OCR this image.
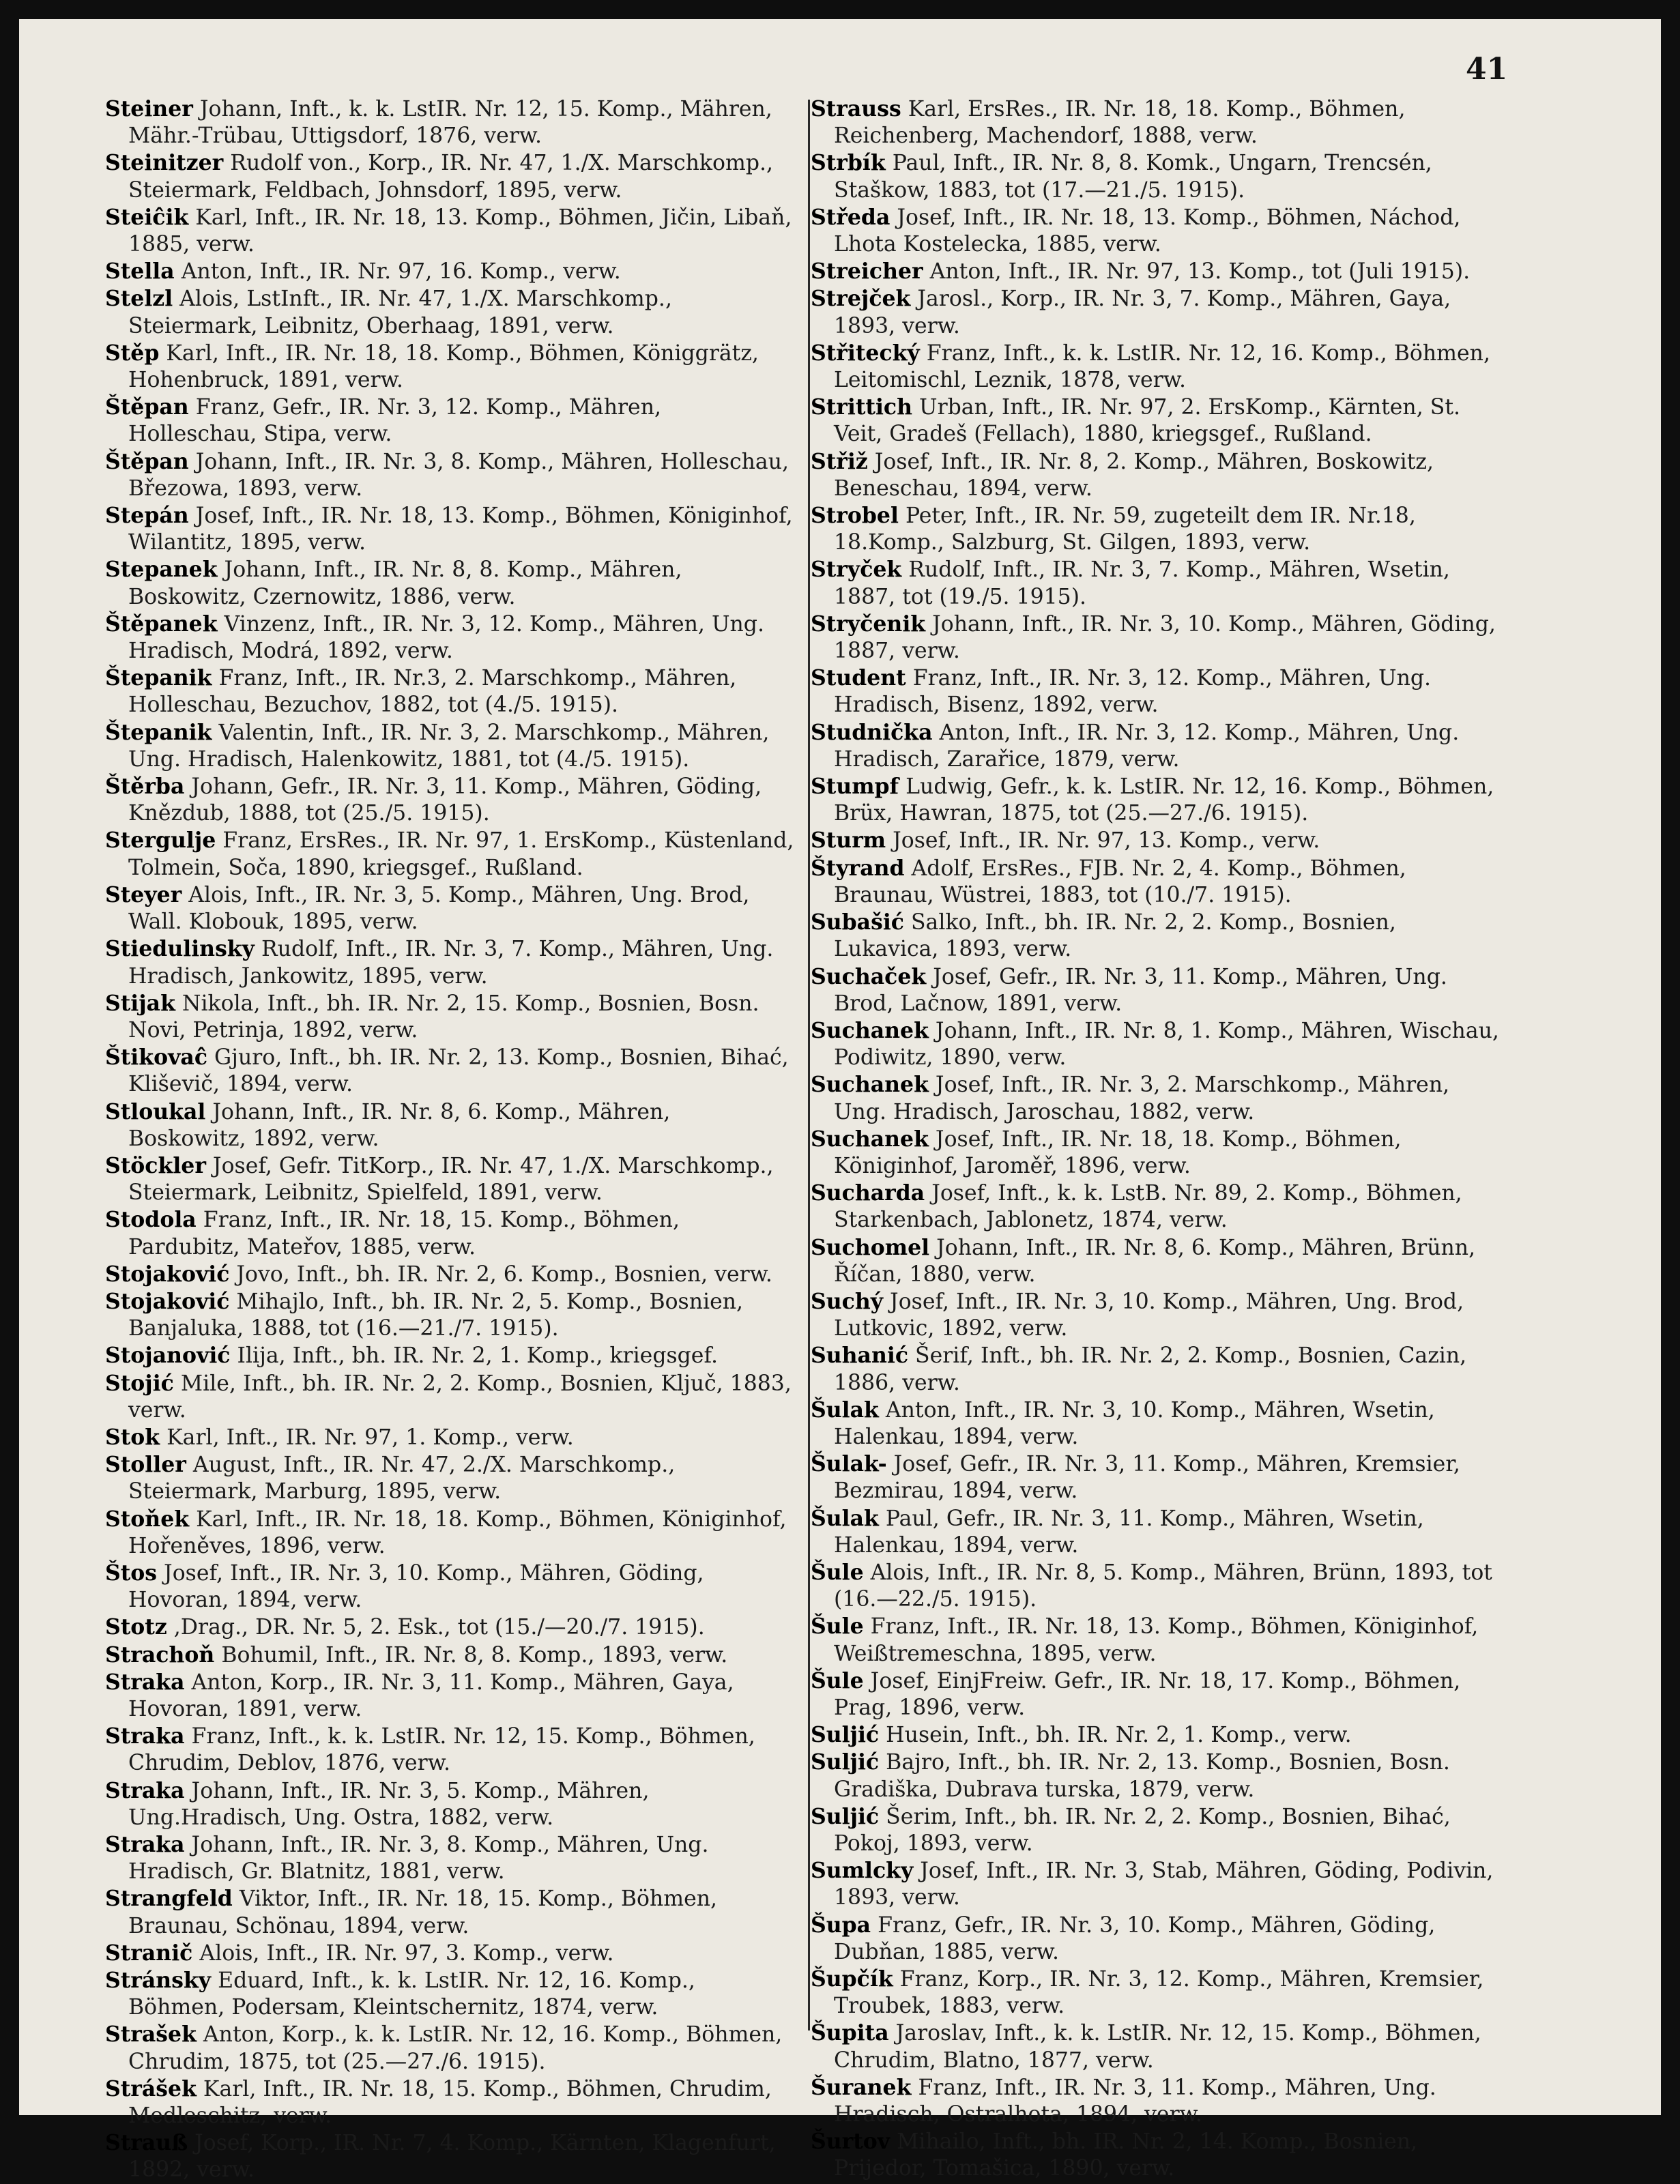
41

Steiner Johann, Inft., k. k. LstIR. Nr. 12, 15. Komp., Mähren, Mähr.-Trübau, Uttigsdorf, 1876, verw.

Steinitzer Rudolf von., Korp., IR. Nr. 47, 1./X. Marschkomp., Steiermark, Feldbach, Johnsdorf, 1895, verw.

Steiĉik Karl, Inft., IR. Nr. 18, 13. Komp., Böhmen, Jičin, Libaň, 1885, verw.

Stella Anton, Inft., IR. Nr. 97, 16. Komp., verw.

Stelzl Alois, LstInft., IR. Nr. 47, 1./X. Marschkomp., Steiermark, Leibnitz, Oberhaag, 1891, verw.

Stěp Karl, Inft., IR. Nr. 18, 18. Komp., Böhmen, Königgrätz, Hohenbruck, 1891, verw.

Štěpan Franz, Gefr., IR. Nr. 3, 12. Komp., Mähren, Holleschau, Stipa, verw.

Štěpan Johann, Inft., IR. Nr. 3, 8. Komp., Mähren, Holleschau, Březowa, 1893, verw.

Stepán Josef, Inft., IR. Nr. 18, 13. Komp., Böhmen, Königinhof, Wilantitz, 1895, verw.

Stepanek Johann, Inft., IR. Nr. 8, 8. Komp., Mähren, Boskowitz, Czernowitz, 1886, verw.

Štěpanek Vinzenz, Inft., IR. Nr. 3, 12. Komp., Mähren, Ung. Hradisch, Modrá, 1892, verw.

Štepanik Franz, Inft., IR. Nr.3, 2. Marschkomp., Mähren, Holleschau, Bezuchov, 1882, tot (4./5. 1915).

Štepanik Valentin, Inft., IR. Nr. 3, 2. Marschkomp., Mähren, Ung. Hradisch, Halenkowitz, 1881, tot (4./5. 1915).

Štěrba Johann, Gefr., IR. Nr. 3, 11. Komp., Mähren, Göding, Knězdub, 1888, tot (25./5. 1915).

Stergulje Franz, ErsRes., IR. Nr. 97, 1. ErsKomp., Küstenland, Tolmein, Soča, 1890, kriegsgef., Rußland.

Steyer Alois, Inft., IR. Nr. 3, 5. Komp., Mähren, Ung. Brod, Wall. Klobouk, 1895, verw.

Stiedulinsky Rudolf, Inft., IR. Nr. 3, 7. Komp., Mähren, Ung. Hradisch, Jankowitz, 1895, verw.

Stijak Nikola, Inft., bh. IR. Nr. 2, 15. Komp., Bosnien, Bosn. Novi, Petrinja, 1892, verw.

Štikovaĉ Gjuro, Inft., bh. IR. Nr. 2, 13. Komp., Bosnien, Bihać, Kliševič, 1894, verw.

Stloukal Johann, Inft., IR. Nr. 8, 6. Komp., Mähren, Boskowitz, 1892, verw.

Stöckler Josef, Gefr. TitKorp., IR. Nr. 47, 1./X. Marschkomp., Steiermark, Leibnitz, Spielfeld, 1891, verw.

Stodola Franz, Inft., IR. Nr. 18, 15. Komp., Böhmen, Pardubitz, Mateřov, 1885, verw.

Stojaković Jovo, Inft., bh. IR. Nr. 2, 6. Komp., Bosnien, verw.

Stojaković Mihajlo, Inft., bh. IR. Nr. 2, 5. Komp., Bosnien, Banjaluka, 1888, tot (16.—21./7. 1915).

Stojanović Ilija, Inft., bh. IR. Nr. 2, 1. Komp., kriegsgef.

Stojić Mile, Inft., bh. IR. Nr. 2, 2. Komp., Bosnien, Ključ, 1883, verw.

Stok Karl, Inft., IR. Nr. 97, 1. Komp., verw.

Stoller August, Inft., IR. Nr. 47, 2./X. Marschkomp., Steiermark, Marburg, 1895, verw.

Stoňek Karl, Inft., IR. Nr. 18, 18. Komp., Böhmen, Königinhof, Hořeněves, 1896, verw.

Štos Josef, Inft., IR. Nr. 3, 10. Komp., Mähren, Göding, Hovoran, 1894, verw.

Stotz ,Drag., DR. Nr. 5, 2. Esk., tot (15./—20./7. 1915).

Strachoň Bohumil, Inft., IR. Nr. 8, 8. Komp., 1893, verw.

Straka Anton, Korp., IR. Nr. 3, 11. Komp., Mähren, Gaya, Hovoran, 1891, verw.

Straka Franz, Inft., k. k. LstIR. Nr. 12, 15. Komp., Böhmen, Chrudim, Deblov, 1876, verw.

Straka Johann, Inft., IR. Nr. 3, 5. Komp., Mähren, Ung.Hradisch, Ung. Ostra, 1882, verw.

Straka Johann, Inft., IR. Nr. 3, 8. Komp., Mähren, Ung. Hradisch, Gr. Blatnitz, 1881, verw.

Strangfeld Viktor, Inft., IR. Nr. 18, 15. Komp., Böhmen, Braunau, Schönau, 1894, verw.

Stranič Alois, Inft., IR. Nr. 97, 3. Komp., verw.

Stránsky Eduard, Inft., k. k. LstIR. Nr. 12, 16. Komp., Böhmen, Podersam, Kleintschernitz, 1874, verw.

Strašek Anton, Korp., k. k. LstIR. Nr. 12, 16. Komp., Böhmen, Chrudim, 1875, tot (25.—27./6. 1915).

Strášek Karl, Inft., IR. Nr. 18, 15. Komp., Böhmen, Chrudim, Medleschitz, verw.

Strauß Josef, Korp., IR. Nr. 7, 4. Komp., Kärnten, Klagenfurt, 1892, verw.

Strauss Karl, ErsRes., IR. Nr. 18, 18. Komp., Böhmen, Reichenberg, Machendorf, 1888, verw.

Strbík Paul, Inft., IR. Nr. 8, 8. Komk., Ungarn, Trencsén, Staškow, 1883, tot (17.—21./5. 1915).

Středa Josef, Inft., IR. Nr. 18, 13. Komp., Böhmen, Náchod, Lhota Kostelecka, 1885, verw.

Streicher Anton, Inft., IR. Nr. 97, 13. Komp., tot (Juli 1915).

Strejček Jarosl., Korp., IR. Nr. 3, 7. Komp., Mähren, Gaya, 1893, verw.

Střitecký Franz, Inft., k. k. LstIR. Nr. 12, 16. Komp., Böhmen, Leitomischl, Leznik, 1878, verw.

Strittich Urban, Inft., IR. Nr. 97, 2. ErsKomp., Kärnten, St. Veit, Gradeš (Fellach), 1880, kriegsgef., Rußland.

Střiž Josef, Inft., IR. Nr. 8, 2. Komp., Mähren, Boskowitz, Beneschau, 1894, verw.

Strobel Peter, Inft., IR. Nr. 59, zugeteilt dem IR. Nr.18, 18.Komp., Salzburg, St. Gilgen, 1893, verw.

Stryček Rudolf, Inft., IR. Nr. 3, 7. Komp., Mähren, Wsetin, 1887, tot (19./5. 1915).

Stryčenik Johann, Inft., IR. Nr. 3, 10. Komp., Mähren, Göding, 1887, verw.

Student Franz, Inft., IR. Nr. 3, 12. Komp., Mähren, Ung. Hradisch, Bisenz, 1892, verw.

Studnička Anton, Inft., IR. Nr. 3, 12. Komp., Mähren, Ung. Hradisch, Zarařice, 1879, verw.

Stumpf Ludwig, Gefr., k. k. LstIR. Nr. 12, 16. Komp., Böhmen, Brüx, Hawran, 1875, tot (25.—27./6. 1915).

Sturm Josef, Inft., IR. Nr. 97, 13. Komp., verw.

Štyrand Adolf, ErsRes., FJB. Nr. 2, 4. Komp., Böhmen, Braunau, Wüstrei, 1883, tot (10./7. 1915).

Subašić Salko, Inft., bh. IR. Nr. 2, 2. Komp., Bosnien, Lukavica, 1893, verw.

Suchaček Josef, Gefr., IR. Nr. 3, 11. Komp., Mähren, Ung. Brod, Lačnow, 1891, verw.

Suchanek Johann, Inft., IR. Nr. 8, 1. Komp., Mähren, Wischau, Podiwitz, 1890, verw.

Suchanek Josef, Inft., IR. Nr. 3, 2. Marschkomp., Mähren, Ung. Hradisch, Jaroschau, 1882, verw.

Suchanek Josef, Inft., IR. Nr. 18, 18. Komp., Böhmen, Königinhof, Jaroměř, 1896, verw.

Sucharda Josef, Inft., k. k. LstB. Nr. 89, 2. Komp., Böhmen, Starkenbach, Jablonetz, 1874, verw.

Suchomel Johann, Inft., IR. Nr. 8, 6. Komp., Mähren, Brünn, Říčan, 1880, verw.

Suchý Josef, Inft., IR. Nr. 3, 10. Komp., Mähren, Ung. Brod, Lutkovic, 1892, verw.

Suhanić Šerif, Inft., bh. IR. Nr. 2, 2. Komp., Bosnien, Cazin, 1886, verw.

Šulak Anton, Inft., IR. Nr. 3, 10. Komp., Mähren, Wsetin, Halenkau, 1894, verw.

Šulak- Josef, Gefr., IR. Nr. 3, 11. Komp., Mähren, Kremsier, Bezmirau, 1894, verw.

Šulak Paul, Gefr., IR. Nr. 3, 11. Komp., Mähren, Wsetin, Halenkau, 1894, verw.

Šule Alois, Inft., IR. Nr. 8, 5. Komp., Mähren, Brünn, 1893, tot (16.—22./5. 1915).

Šule Franz, Inft., IR. Nr. 18, 13. Komp., Böhmen, Königinhof, Weißtremeschna, 1895, verw.

Šule Josef, EinjFreiw. Gefr., IR. Nr. 18, 17. Komp., Böhmen, Prag, 1896, verw.

Suljić Husein, Inft., bh. IR. Nr. 2, 1. Komp., verw.

Suljić Bajro, Inft., bh. IR. Nr. 2, 13. Komp., Bosnien, Bosn. Gradiška, Dubrava turska, 1879, verw.

Suljić Šerim, Inft., bh. IR. Nr. 2, 2. Komp., Bosnien, Bihać, Pokoj, 1893, verw.

Sumlcky Josef, Inft., IR. Nr. 3, Stab, Mähren, Göding, Podivin, 1893, verw.

Šupa Franz, Gefr., IR. Nr. 3, 10. Komp., Mähren, Göding, Dubňan, 1885, verw.

Šupčík Franz, Korp., IR. Nr. 3, 12. Komp., Mähren, Kremsier, Troubek, 1883, verw.

Šupita Jaroslav, Inft., k. k. LstIR. Nr. 12, 15. Komp., Böhmen, Chrudim, Blatno, 1877, verw.

Šuranek Franz, Inft., IR. Nr. 3, 11. Komp., Mähren, Ung. Hradisch, Ostralhota, 1894, verw.

Šurtov Mihailo, Inft., bh. IR. Nr. 2, 14. Komp., Bosnien, Prijedor, Tomašica, 1890, verw.
